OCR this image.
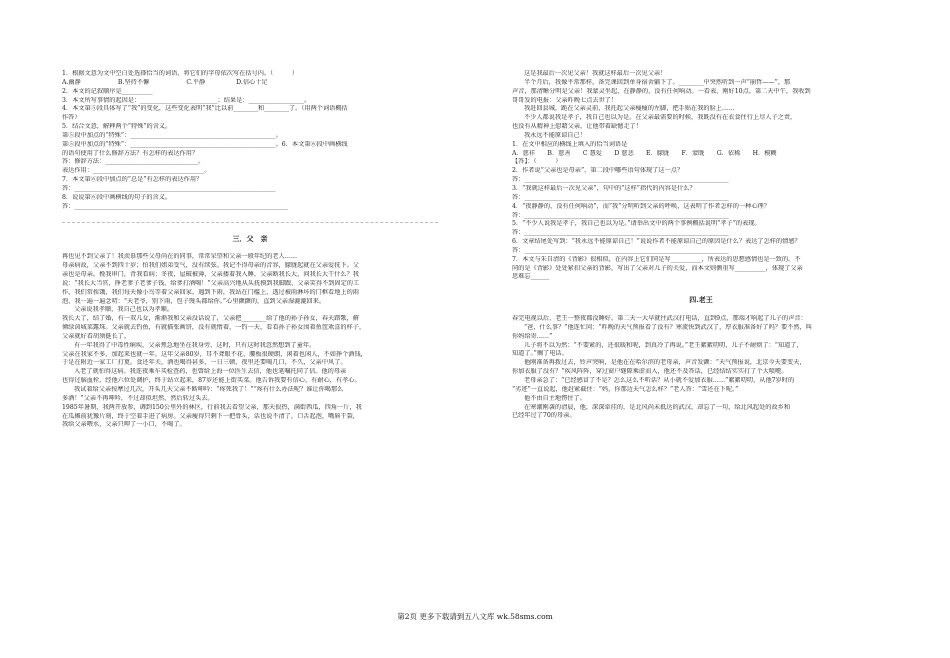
1．根据文意为文中空白处选择恰当的词语，将它们的字母依次写在括号内。（　　　）
A.幽静　　　　　　B.坚持不懈　　　　　　C.平静　　　　　D.信心十足
2．本文的记叙顺序是__________
3．本文所写事情的起因是：_________________________；结果是：__________________。
4．本文第⑤段具体写了“我”的变化，这些变化表明“我”比以前________和________了。（用两个词语概括
作答）
5．结合文意，解释两个“特殊”的含义。
第⑤段中加点的“特殊”：_______________________________________________。
第⑤段中加点的“特殊”：_______________________________________________。6．本文第⑥段中画横线
的语句使用了什么修辞方法？有怎样的表达作用？
答：修辞方法：______________________________。
表达作用：____________________________________。
7．本文第⑥段中加点的“总是”有怎样的表达作用？
答：_________________________________________________________________
8．说说第⑥段中画横线的句子的含义。
答：_____________________________________________________________________
三．父　亲
再也见不到父亲了！我羡慕那些父母尚在的同事，常常呆望和父亲一般年纪的老人……
母亲病故，父亲不到四十岁；怕我们姐弟受气，没有续弦。我记不得母亲的音容，朦胧起就在父亲爱抚下。父
亲也是母亲。挽我串门，背我看病；冬夜，屋破被薄，父亲搂着我入睡。父亲断我长大，问我长大干什么？我
说：“我长大当官，挣老爹子老爹子钱，给爹打酒喝！”父亲高兴地从头抚摸到我脚跟，父亲笑得不到固定的工
作，我们常挨饿，我们每天像小鸟等着父亲回家。遇到下雨，我站在门槛上，透过被雨淋坏的门框看地上的雨
泡，我一遍一遍念叨：“天老爷，别下雨，包子馒头都给你。”心里颤颤的，直到父亲湿漉漉回来。
父亲说我孝顺，我自己也以为孝顺。
我长大了，结了婚，有一双儿女，渐渐我和父亲没话说了，父亲把________给了他的孙子孙女，春天踏歌，俯
倾绿茵城菜露珠。父亲就去钓鱼，有就描张画饼，没有就惰着，一钓一天，看看孙子孙女围着鱼筐欢喜的样子，
父亲就好看胡须挺长了。
有一年我得了中毒性痢疾，父亲焦急地坐在我身旁，这时，只有这时我忽然想到了童年。
父亲在我家不多，加起来也就一年。这年父亲80岁，耳不聋眼不花，腰板很硬朗，闲着也闲人，不如挣个酒钱，
于是在附近一家工厂打更。食还年关，酒也喝得甚多，一日三顿，夜里还要喝几口，不久，父亲中风了。
入老了就怕得这病。我连夜乘车买检查药，也曾给上海一位医生去信，他也笔嘱托同了信。他的母亲
也得过脑血栓，经他六位处调护，终于站立起来，87岁还能上街买菜。他告诉我要有信心，有耐心，有孝心。
我试着给父亲按摩过几次，开头几天父亲不断呻吟：“疼死我了！”“疼有什么办法呢？谁让你喝那么
多酒！”父亲不再呻吟，不过却似坦然，然后转过头去。
1985年暑期，我两开放参，调到150公里外的林区，行前我去看望父亲，那天很热，满街西瓜，四角一斤，我
在瓜摊前犹豫片刻，终于空着手进了病房。父亲瘦得只剩下一把骨头，话也说不清了，口舌起泡，嘴唇干裂，
我给父亲喂水，父亲只呷了一小口，不喝了。
这是我最后一次见父亲！我就这样最后一次见父亲！
半个月后，我像平常那样，备完课回到单身宿舍躺下了。________中突然听到一声“崩哲——”，那
声音，那清晰分明是父亲！我蒙灵坐起，在静静的，没有任何响动。一看表，刚好10点。第二天中午，我收到
哥哥发的电报：父亲昨晚七点去世了！
我赶回县城，跪在父亲灵前，我托起父亲瘦瘦的左脚，把手贴在我的脸上……
不少人都说我是孝子，我自己也以为是。在父亲最需要的时候，我既没有在衣食住行上尽人子之责，
也没有从精神上慰藉父亲，让他带着缺憾走了！
我永远不能原谅自己！
1．在文中相应的横线上填入的恰当词语是
A．慈祥　　B．慈善　　C 慧爱　　D 慈悲　　E．朦胧　　F．蒙眬　　G．依稀　　H．模糊
【答】：（　　　）
2．作者说“父亲也是母亲”，第二段中哪些语句体现了这一点？
答：__________________________________________________________________
3．“我就这样最后一次见父亲”，句中的“这样”指代的内容是什么？
答：__________________________________________________________________
4．“夜静静的，没有任何响动”，而“我”分明听到父亲的呼唤，这表明了作者怎样的一种心理？
答：__________________________________________________________________
5．“不少人说我是孝子，我自己也以为是。”请举出文中的两个事例概括说明“孝子”的表现。
答：__________________________________________________________________
6．文章结尾处写到：“我永远不能原谅自己！”说说作者不能原谅自己的原因是什么？表达了怎样的情感？
答：__________________________________________________________________
7．本文与朱自清的《背影》很相似，在内容上它们同是写__________，所表达的思想感情也是一致的。不
同的是《背影》处处紧扣父亲的背影，写出了父亲对儿子的关爱，而本文则侧重写__________，体现了父亲
思难忘______
四.老王
春完电视以后，老王一整夜都没睡好。第二天一大早就往武汉打电话，直到9点，那端才响起了儿子的声音：
“爸，什么事？”他连忙问：“昨晚的天气预报看了没有？寒流快到武汉了，厚衣服准备好了吗？要不然，叫
你妈给寄……”
儿子将不以为然：“不要紧的，还很暖和呢，到真冷了再说。”老王絮絮叨叨，儿子不耐烦了：“知道了，
知道了。”搁了电话。
他刚准备再拨过去，铃声突响，是他在在哈尔滨的老母亲，声音发颤：“天气预报说，北京今天要变天，
你加衣服了没有？”疾风阵阵，穿过窗户缝隙乘虚而入，他还不及答话，已经结结实实打了个大喷嚏。
老母亲急了：“已经感冒了不是？怎么这么不听话？从小就不爱加衣服……”絮絮叨叨，从他7岁时的
“劣迹”一直说起，他赶紧截住：“妈，你那边天气怎么样？”老人答：“雪还在下呢。”
他不由自主地愣住了。
在寒潮刚袭的清晨，他，深深牵挂的，是北风尚未抵达的武汉，却忘了一句，给北风起处的故乡和
已经年过了70的母亲。
第2页 更多下载请到五八文库 wk.58sms.com
